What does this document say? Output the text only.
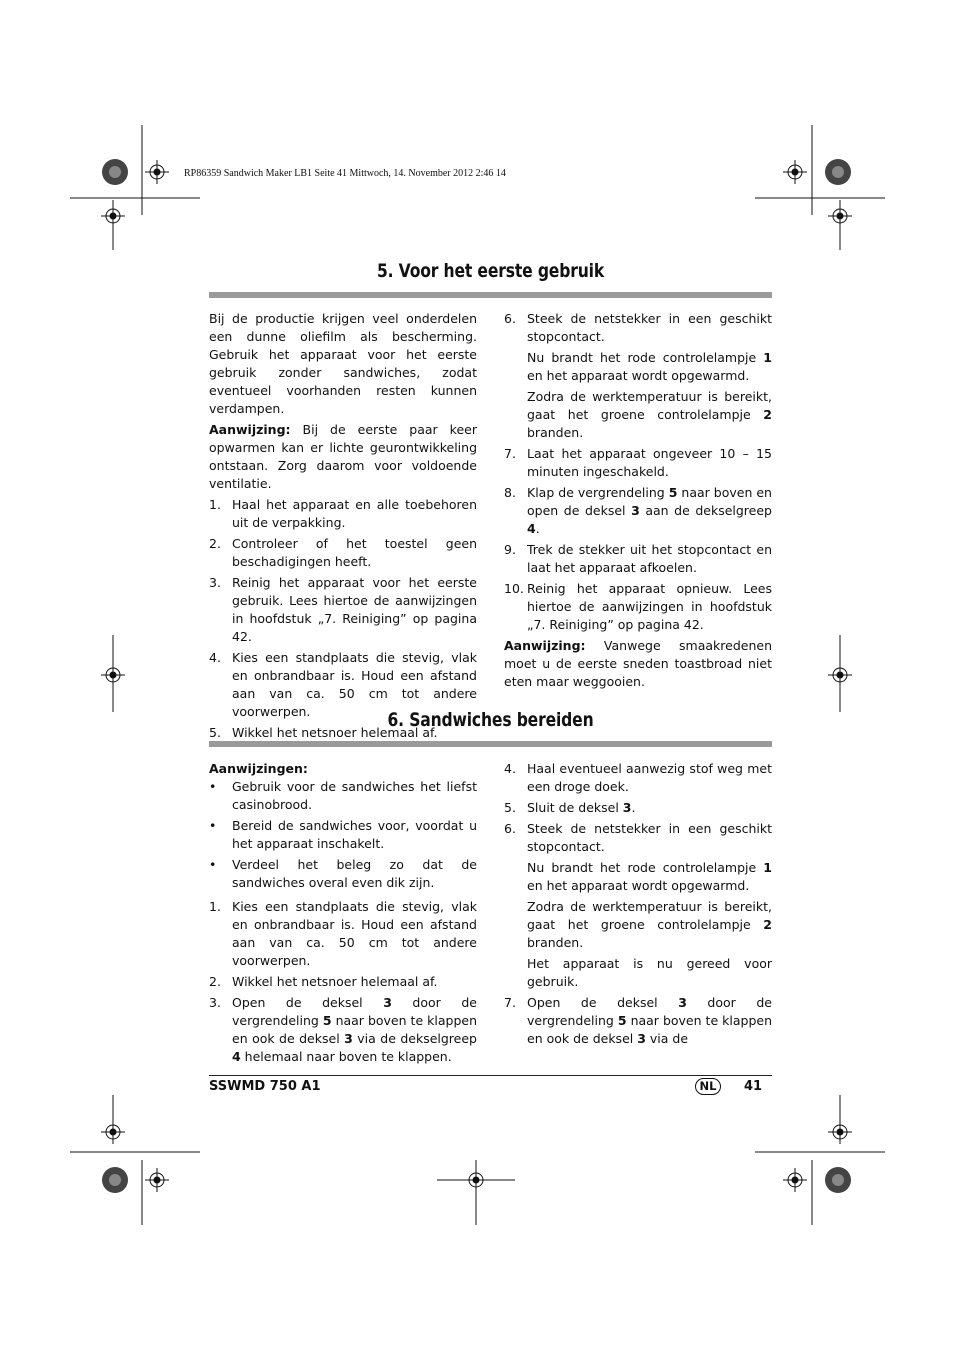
RP86359 Sandwich Maker LB1 Seite 41 Mittwoch, 14. November 2012 2:46 14
5. Voor het eerste gebruik

Bij de productie krijgen veel onderdelen een dunne oliefilm als bescherming. Gebruik het apparaat voor het eerste gebruik zonder sandwiches, zodat eventueel voorhanden resten kunnen verdampen.

Aanwijzing: Bij de eerste paar keer opwarmen kan er lichte geurontwikkeling ontstaan. Zorg daarom voor voldoende ventilatie.

1. Haal het apparaat en alle toebehoren uit de verpakking.
2. Controleer of het toestel geen beschadigingen heeft.
3. Reinig het apparaat voor het eerste gebruik. Lees hiertoe de aanwijzingen in hoofdstuk „7. Reiniging” op pagina 42.
4. Kies een standplaats die stevig, vlak en onbrandbaar is. Houd een afstand aan van ca. 50 cm tot andere voorwerpen.
5. Wikkel het netsnoer helemaal af.
6. Steek de netstekker in een geschikt stopcontact.

Nu brandt het rode controlelampje 1 en het apparaat wordt opgewarmd.

Zodra de werktemperatuur is bereikt, gaat het groene controlelampje 2 branden.

7. Laat het apparaat ongeveer 10 – 15 minuten ingeschakeld.
8. Klap de vergrendeling 5 naar boven en open de deksel 3 aan de dekselgreep 4.
9. Trek de stekker uit het stopcontact en laat het apparaat afkoelen.
10. Reinig het apparaat opnieuw. Lees hiertoe de aanwijzingen in hoofdstuk „7. Reiniging” op pagina 42.

Aanwijzing: Vanwege smaakredenen moet u de eerste sneden toastbroad niet eten maar weggooien.

6. Sandwiches bereiden

Aanwijzingen:

•	Gebruik voor de sandwiches het liefst casinobrood.
•	Bereid de sandwiches voor, voordat u het apparaat inschakelt.
•	Verdeel het beleg zo dat de sandwiches overal even dik zijn.
1. Kies een standplaats die stevig, vlak en onbrandbaar is. Houd een afstand aan van ca. 50 cm tot andere voorwerpen.
2. Wikkel het netsnoer helemaal af.
3. Open de deksel 3 door de vergrendeling 5 naar boven te klappen en ook de deksel 3 via de dekselgreep 4 helemaal naar boven te klappen.
4. Haal eventueel aanwezig stof weg met een droge doek.
5. Sluit de deksel 3.
6. Steek de netstekker in een geschikt stopcontact.

Nu brandt het rode controlelampje 1 en het apparaat wordt opgewarmd.

Zodra de werktemperatuur is bereikt, gaat het groene controlelampje 2 branden.

Het apparaat is nu gereed voor gebruik.

7. Open de deksel 3 door de vergrendeling 5 naar boven te klappen en ook de deksel 3 via de
SSWMD 750 A1	NL	41
